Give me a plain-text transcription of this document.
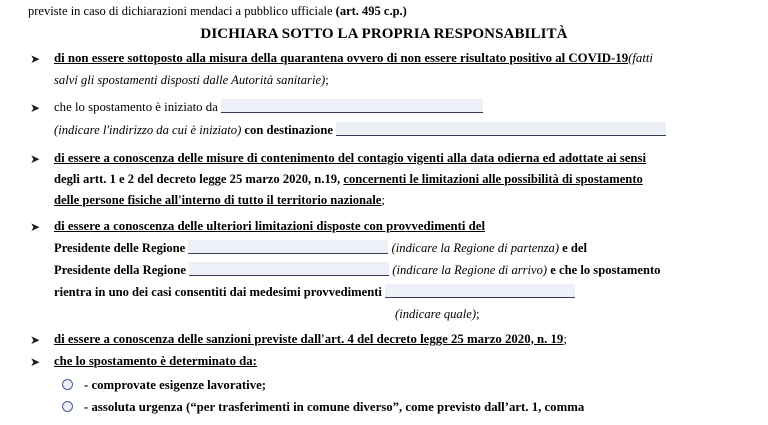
previste in caso di dichiarazioni mendaci a pubblico ufficiale (art. 495 c.p.)
DICHIARA SOTTO LA PROPRIA RESPONSABILITÀ
➤ di non essere sottoposto alla misura della quarantena ovvero di non essere risultato positivo al COVID-19(fatti
salvi gli spostamenti disposti dalle Autorità sanitarie);
➤ che lo spostamento è iniziato da
(indicare l'indirizzo da cui è iniziato) con destinazione
➤ di essere a conoscenza delle misure di contenimento del contagio vigenti alla data odierna ed adottate ai sensi
degli artt. 1 e 2 del decreto legge 25 marzo 2020, n.19, concernenti le limitazioni alle possibilità di spostamento
delle persone fisiche all'interno di tutto il territorio nazionale;
➤ di essere a conoscenza delle ulteriori limitazioni disposte con provvedimenti del
Presidente delle Regione	(indicare la Regione di partenza) e del
Presidente della Regione	(indicare la Regione di arrivo) e che lo spostamento
rientra in uno dei casi consentiti dai medesimi provvedimenti
(indicare quale);
➤ di essere a conoscenza delle sanzioni previste dall'art. 4 del decreto legge 25 marzo 2020, n. 19;
➤ che lo spostamento è determinato da:
- comprovate esigenze lavorative;
- assoluta urgenza (“per trasferimenti in comune diverso”, come previsto dall’art. 1, comma
